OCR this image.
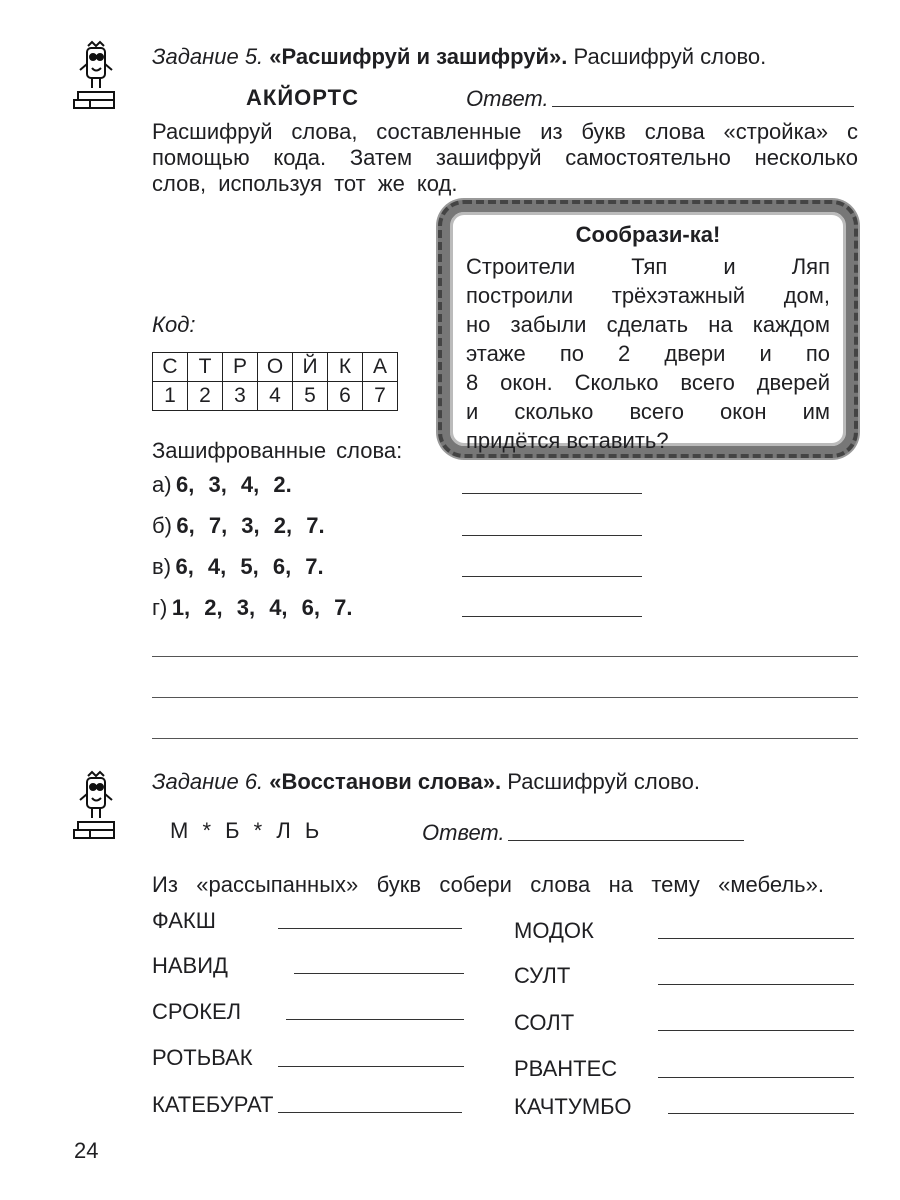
Задание 5. «Расшифруй и зашифруй». Расшифруй слово.
АКЙОРТС	Ответ.
Расшифруй слова, составленные из букв слова «стройка» с
помощью кода. Затем зашифруй самостоятельно несколько
слов, используя тот же код.
Код:
С	Т	Р	О	Й	К	А
1	2	3	4	5	6	7
Зашифрованные слова:
а) 6, 3, 4, 2.
б) 6, 7, 3, 2, 7.
в) 6, 4, 5, 6, 7.
г) 1, 2, 3, 4, 6, 7.
Сообрази-ка!
Строители Тяп и Ляп
построили трёхэтажный дом,
но забыли сделать на каждом
этаже по 2 двери и по
8 окон. Сколько всего дверей
и сколько всего окон им
придётся вставить?
Задание 6. «Восстанови слова». Расшифруй слово.
М * Б * Л Ь	Ответ.
Из «рассыпанных» букв собери слова на тему «мебель».
ФАКШ
НАВИД
СРОКЕЛ
РОТЬВАК
КАТЕБУРАТ
МОДОК
СУЛТ
СОЛТ
РВАНТЕС
КАЧТУМБО
24
